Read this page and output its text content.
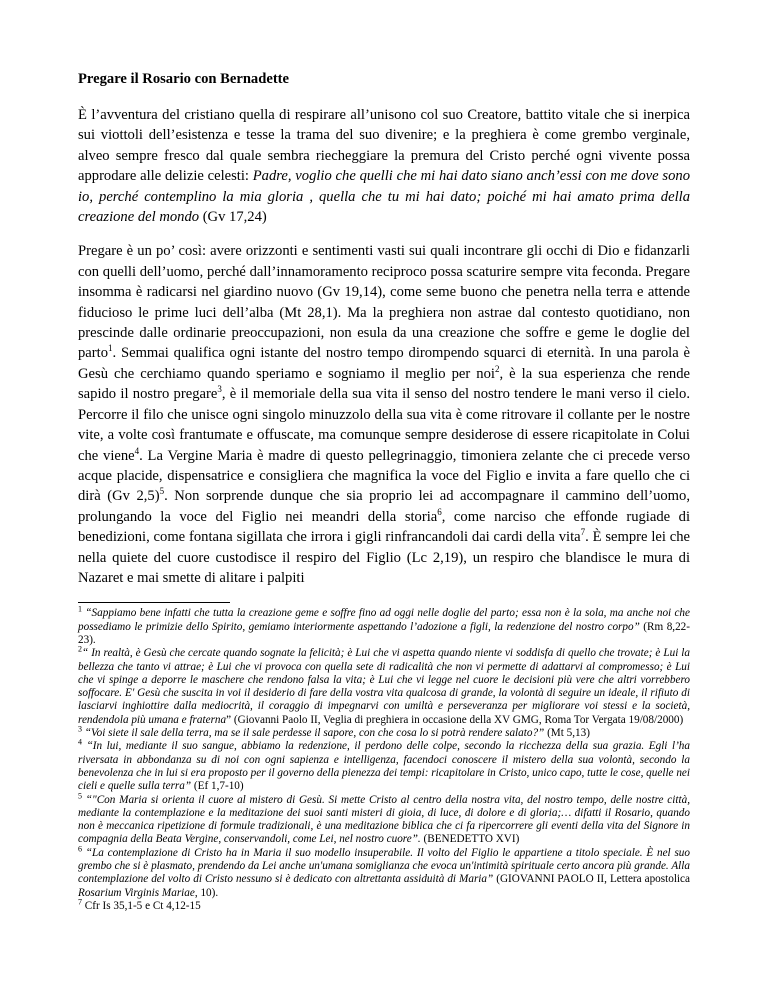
Pregare il Rosario con Bernadette

È l’avventura del cristiano quella di respirare all’unisono col suo Creatore, battito vitale che si inerpica sui viottoli dell’esistenza e tesse la trama del suo divenire; e la preghiera è come grembo verginale, alveo sempre fresco dal quale sembra riecheggiare la premura del Cristo perché ogni vivente possa approdare alle delizie celesti: Padre, voglio che quelli che mi hai dato siano anch’essi con me dove sono io, perché contemplino la mia gloria , quella che tu mi hai dato; poiché mi hai amato prima della creazione del mondo (Gv 17,24)

Pregare è un po’ così: avere orizzonti e sentimenti vasti sui quali incontrare gli occhi di Dio e fidanzarli con quelli dell’uomo, perché dall’innamoramento reciproco possa scaturire sempre vita feconda. Pregare insomma è radicarsi nel giardino nuovo (Gv 19,14), come seme buono che penetra nella terra e attende fiducioso le prime luci dell’alba (Mt 28,1). Ma la preghiera non astrae dal contesto quotidiano, non prescinde dalle ordinarie preoccupazioni, non esula da una creazione che soffre e geme le doglie del parto$^1$. Semmai qualifica ogni istante del nostro tempo dirompendo squarci di eternità. In una parola è Gesù che cerchiamo quando speriamo e sogniamo il meglio per noi$^2$, è la sua esperienza che rende sapido il nostro pregare$^3$, è il memoriale della sua vita il senso del nostro tendere le mani verso il cielo. Percorre il filo che unisce ogni singolo minuzzolo della sua vita è come ritrovare il collante per le nostre vite, a volte così frantumate e offuscate, ma comunque sempre desiderose di essere ricapitolate in Colui che viene$^4$. La Vergine Maria è madre di questo pellegrinaggio, timoniera zelante che ci precede verso acque placide, dispensatrice e consigliera che magnifica la voce del Figlio e invita a fare quello che ci dirà (Gv 2,5)$^5$. Non sorprende dunque che sia proprio lei ad accompagnare il cammino dell’uomo, prolungando la voce del Figlio nei meandri della storia$^6$, come narciso che effonde rugiade di benedizioni, come fontana sigillata che irrora i gigli rinfrancandoli dai cardi della vita$^7$. È sempre lei che nella quiete del cuore custodisce il respiro del Figlio (Lc 2,19), un respiro che blandisce le mura di Nazaret e mai smette di alitare i palpiti

$^1$ “Sappiamo bene infatti che tutta la creazione geme e soffre fino ad oggi nelle doglie del parto; essa non è la sola, ma anche noi che possediamo le primizie dello Spirito, gemiamo interiormente aspettando l’adozione a figli, la redenzione del nostro corpo” (Rm 8,22-23).

$^2$“ In realtà, è Gesù che cercate quando sognate la felicità; è Lui che vi aspetta quando niente vi soddisfa di quello che trovate; è Lui la bellezza che tanto vi attrae; è Lui che vi provoca con quella sete di radicalità che non vi permette di adattarvi al compromesso; è Lui che vi spinge a deporre le maschere che rendono falsa la vita; è Lui che vi legge nel cuore le decisioni più vere che altri vorrebbero soffocare. E' Gesù che suscita in voi il desiderio di fare della vostra vita qualcosa di grande, la volontà di seguire un ideale, il rifiuto di lasciarvi inghiottire dalla mediocrità, il coraggio di impegnarvi con umiltà e perseveranza per migliorare voi stessi e la società, rendendola più umana e fraterna” (Giovanni Paolo II, Veglia di preghiera in occasione della XV GMG, Roma Tor Vergata 19/08/2000)

$^3$ “Voi siete il sale della terra, ma se il sale perdesse il sapore, con che cosa lo si potrà rendere salato?” (Mt 5,13)

$^4$ “In lui, mediante il suo sangue, abbiamo la redenzione, il perdono delle colpe, secondo la ricchezza della sua grazia. Egli l’ha riversata in abbondanza su di noi con ogni sapienza e intelligenza, facendoci conoscere il mistero della sua volontà, secondo la benevolenza che in lui si era proposto per il governo della pienezza dei tempi: ricapitolare in Cristo, unico capo, tutte le cose, quelle nei cieli e quelle sulla terra” (Ef 1,7-10)

$^5$ “"Con Maria si orienta il cuore al mistero di Gesù. Si mette Cristo al centro della nostra vita, del nostro tempo, delle nostre città, mediante la contemplazione e la meditazione dei suoi santi misteri di gioia, di luce, di dolore e di gloria;… difatti il Rosario, quando non è meccanica ripetizione di formule tradizionali, è una meditazione biblica che ci fa ripercorrere gli eventi della vita del Signore in compagnia della Beata Vergine, conservandoli, come Lei, nel nostro cuore”. (BENEDETTO XVI)

$^6$ “La contemplazione di Cristo ha in Maria il suo modello insuperabile. Il volto del Figlio le appartiene a titolo speciale. È nel suo grembo che si è plasmato, prendendo da Lei anche un'umana somiglianza che evoca un'intimità spirituale certo ancora più grande. Alla contemplazione del volto di Cristo nessuno si è dedicato con altrettanta assiduità di Maria” (GIOVANNI PAOLO II, Lettera apostolica Rosarium Virginis Mariae, 10).

$^7$ Cfr Is 35,1-5 e Ct 4,12-15
